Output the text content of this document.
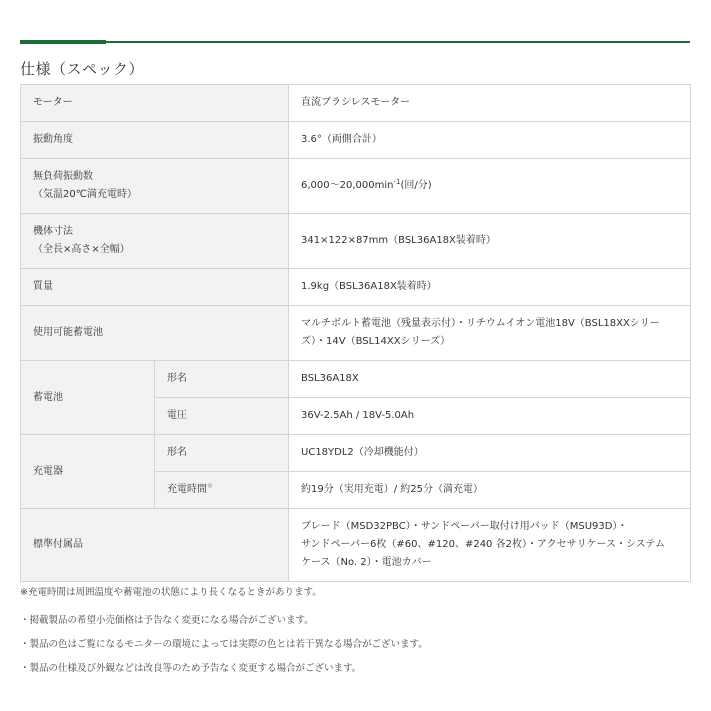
仕様（スペック）
モーター		直流ブラシレスモーター
振動角度		3.6°（両側合計）

無負荷振動数
（気温20℃満充電時）		$6,000\sim 20,000\min^{-1}$(回/分)

機体寸法
（全長×高さ×全幅）		341×122×87mm（BSL36A18X装着時）
質量		1.9kg（BSL36A18X装着時）
使用可能蓄電池		マルチボルト蓄電池（残量表示付）・リチウムイオン電池18V（BSL18XXシリー
ズ）・14V（BSL14XXシリーズ）

蓄電池	形名	BSL36A18X
	電圧	36V-2.5Ah / 18V-5.0Ah
充電器	形名	UC18YDL2（冷却機能付）
	充電時間※	約19分（実用充電）/ 約25分（満充電）
標準付属品		ブレード（MSD32PBC）・サンドペーパー取付け用パッド（MSU93D）・
サンドペーパー6枚（#60、#120、#240 各2枚）・アクセサリケース・システム
ケース（No. 2）・電池カバー
※充電時間は周囲温度や蓄電池の状態により長くなるときがあります。
・掲載製品の希望小売価格は予告なく変更になる場合がございます。
・製品の色はご覧になるモニターの環境によっては実際の色とは若干異なる場合がございます。
・製品の仕様及び外観などは改良等のため予告なく変更する場合がございます。
